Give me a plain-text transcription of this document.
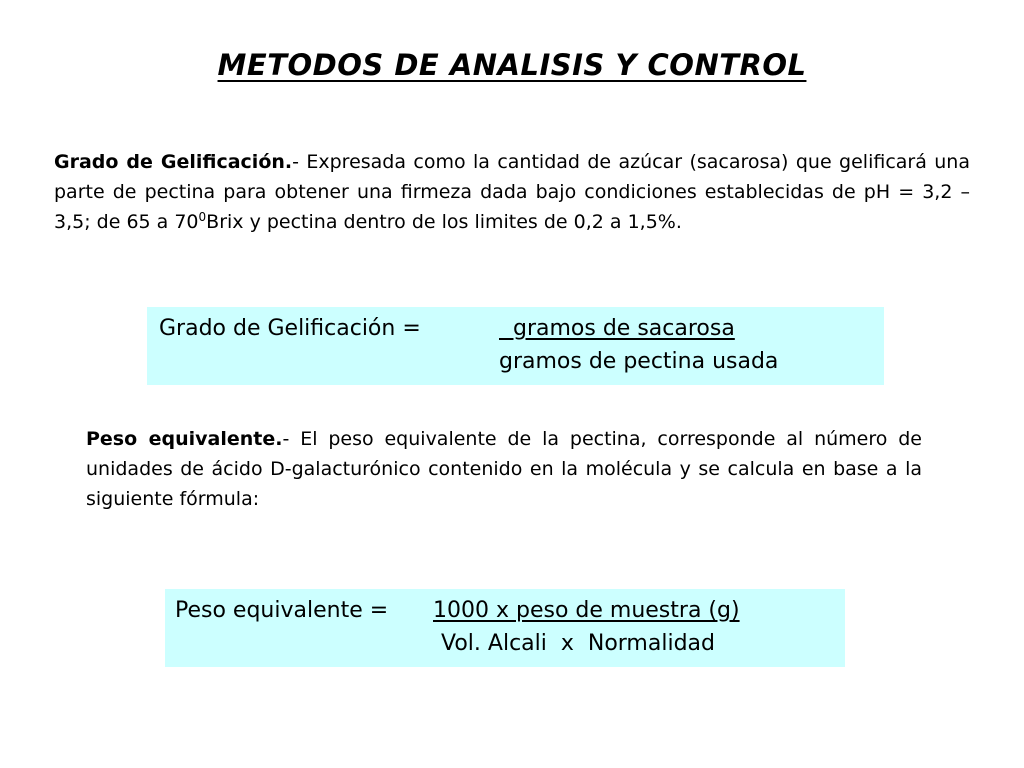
METODOS DE ANALISIS Y CONTROL
Grado de Gelificación.- Expresada como la cantidad de azúcar (sacarosa) que gelificará una parte de pectina para obtener una firmeza dada bajo condiciones establecidas de pH = 3,2 – 3,5; de 65 a $70^0Brix$ y pectina dentro de los limites de 0,2 a 1,5%.
Grado de Gelificación =	gramos de sacarosa
gramos de pectina usada
Peso equivalente.- El peso equivalente de la pectina, corresponde al número de unidades de ácido D-galacturónico contenido en la molécula y se calcula en base a la siguiente fórmula:
Peso equivalente = 1000 x peso de muestra (g)
Vol. Alcali  x  Normalidad
